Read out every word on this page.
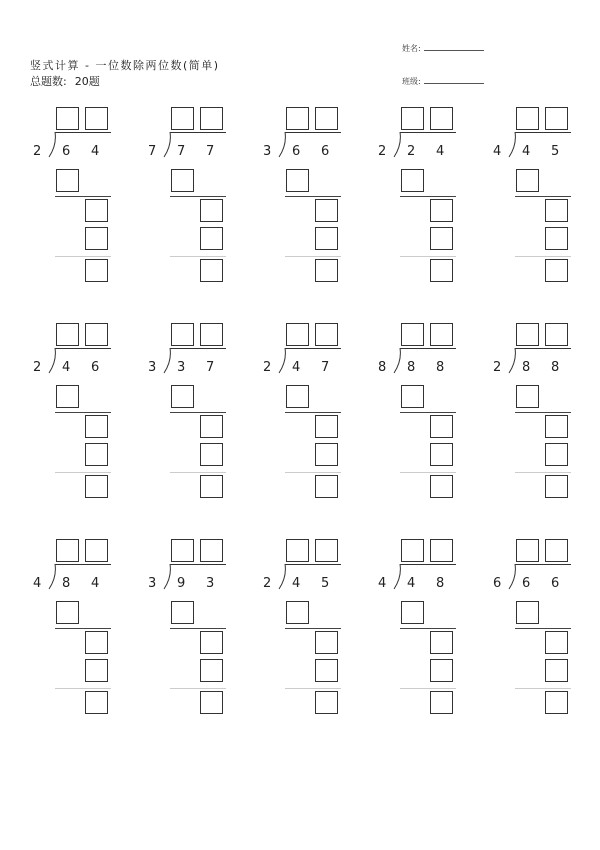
竖式计算 - 一位数除两位数(简单)
总题数: 20题
姓名:
班级:
2 6 4	7 7 7	3 6 6	2 2 4	4 4 5
2 4 6	3 3 7	2 4 7	8 8 8	2 8 8
4 8 4	3 9 3	2 4 5	4 4 8	6 6 6
